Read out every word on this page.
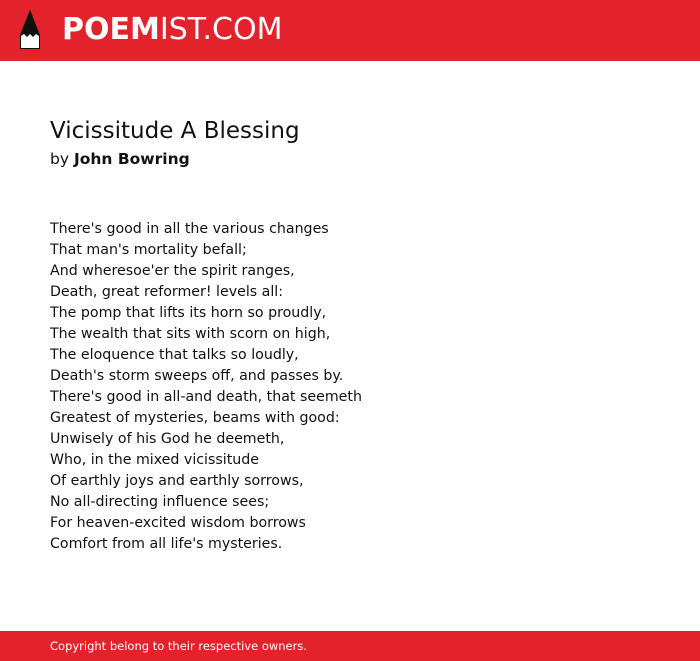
POEMIST.COM
Vicissitude A Blessing
by John Bowring
There's good in all the various changes
That man's mortality befall;
And wheresoe'er the spirit ranges,
Death, great reformer! levels all:
The pomp that lifts its horn so proudly,
The wealth that sits with scorn on high,
The eloquence that talks so loudly,
Death's storm sweeps off, and passes by.
There's good in all-and death, that seemeth
Greatest of mysteries, beams with good:
Unwisely of his God he deemeth,
Who, in the mixed vicissitude
Of earthly joys and earthly sorrows,
No all-directing influence sees;
For heaven-excited wisdom borrows
Comfort from all life's mysteries.
Copyright belong to their respective owners.
